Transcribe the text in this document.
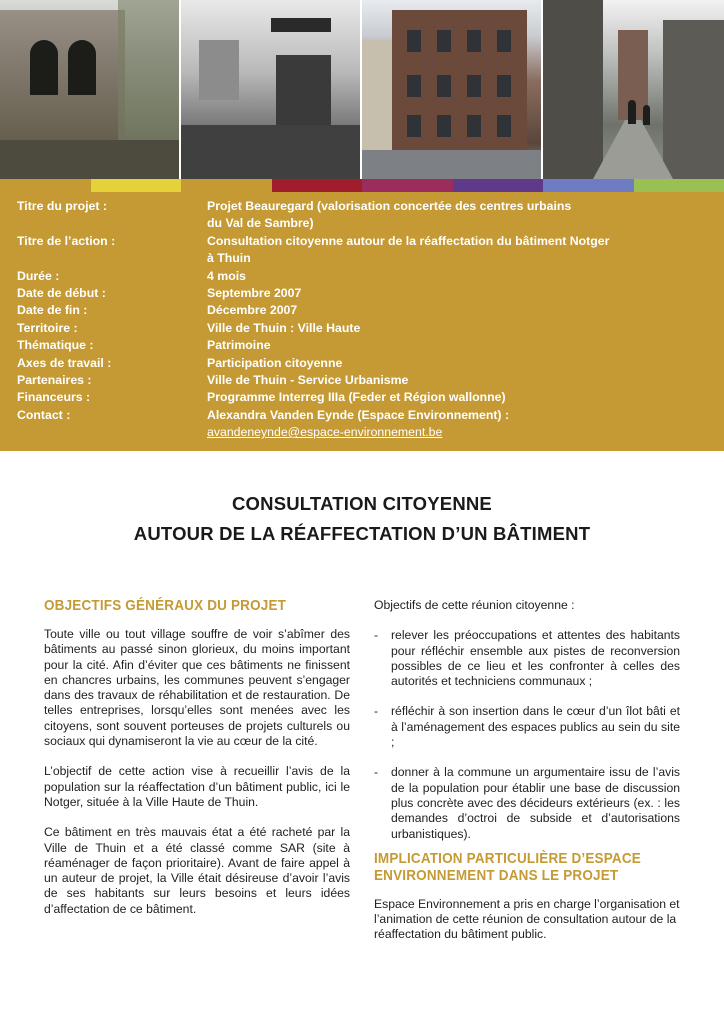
Titre du projet :	Projet Beauregard (valorisation concertée des centres urbains
du Val de Sambre)
Titre de l’action :	Consultation citoyenne autour de la réaffectation du bâtiment Notger
à Thuin
Durée :	4 mois
Date de début :	Septembre 2007
Date de fin :	Décembre 2007
Territoire :	Ville de Thuin : Ville Haute
Thématique :	Patrimoine
Axes de travail :	Participation citoyenne
Partenaires :	Ville de Thuin - Service Urbanisme
Financeurs :	Programme Interreg IIIa (Feder et Région wallonne)
Contact :	Alexandra Vanden Eynde (Espace Environnement) :
avandeneynde@espace-environnement.be
CONSULTATION CITOYENNE
AUTOUR DE LA RÉAFFECTATION D’UN BÂTIMENT
OBJECTIFS GÉNÉRAUX DU PROJET

Toute ville ou tout village souffre de voir s’abîmer des bâtiments au passé sinon glorieux, du moins important pour la cité. Afin d’éviter que ces bâtiments ne finissent en chancres urbains, les communes peuvent s’engager dans des travaux de réhabilitation et de restauration. De telles entreprises, lorsqu’elles sont menées avec les citoyens, sont souvent porteuses de projets culturels ou sociaux qui dynamiseront la vie au cœur de la cité.

L’objectif de cette action vise à recueillir l’avis de la population sur la réaffectation d’un bâtiment public, ici le Notger, située à la Ville Haute de Thuin.

Ce bâtiment en très mauvais état a été racheté par la Ville de Thuin et a été classé comme SAR (site à réaménager de façon prioritaire). Avant de faire appel à un auteur de projet, la Ville était désireuse d’avoir l’avis de ses habitants sur leurs besoins et leurs idées d’affectation de ce bâtiment.

Objectifs de cette réunion citoyenne :

- relever les préoccupations et attentes des habitants pour réfléchir ensemble aux pistes de reconversion possibles de ce lieu et les confronter à celles des autorités et techniciens communaux ;
- réfléchir à son insertion dans le cœur d’un îlot bâti et à l’aménagement des espaces publics au sein du site ;
- donner à la commune un argumentaire issu de l’avis de la population pour établir une base de discussion plus concrète avec des décideurs extérieurs (ex. : les demandes d’octroi de subside et d’autorisations urbanistiques).
IMPLICATION PARTICULIÈRE D’ESPACE
ENVIRONNEMENT DANS LE PROJET

Espace Environnement a pris en charge l’organisation et l’animation de cette réunion de consultation autour de la réaffectation du bâtiment public.
